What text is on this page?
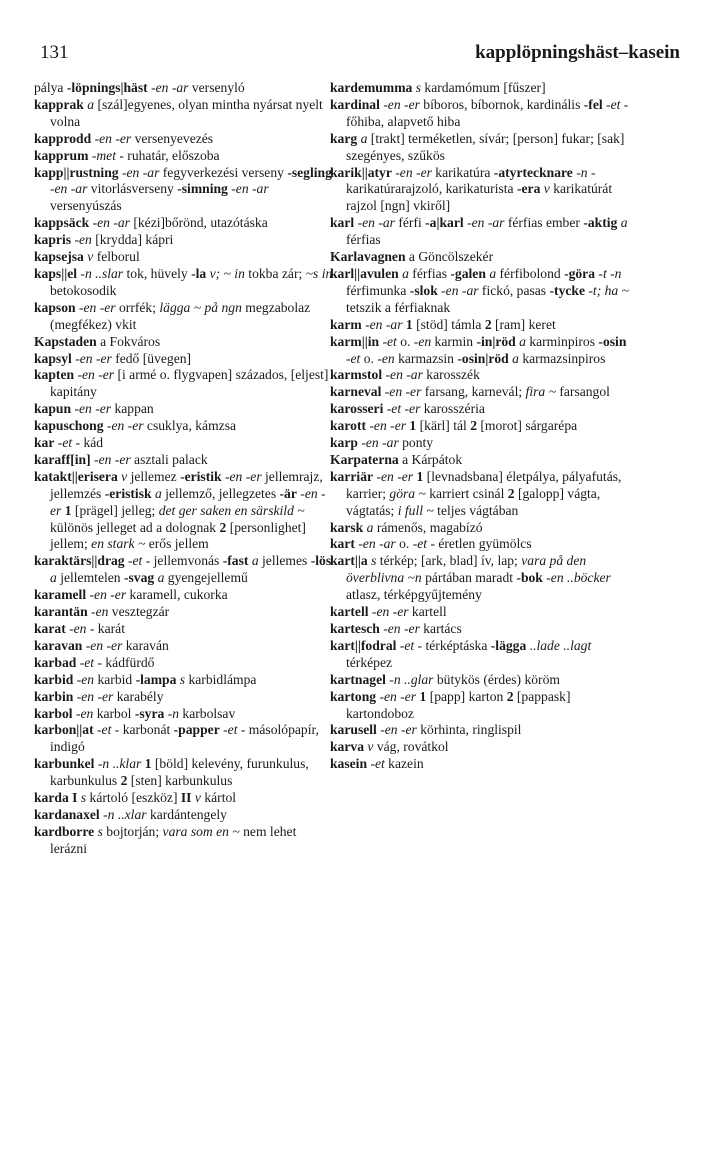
131	kapplöpningshäst–kasein

pálya -löpnings|häst -en -ar versenyló

kapprak a [szál]egyenes, olyan mintha nyársat nyelt volna

kapprodd -en -er versenyevezés

kapprum -met - ruhatár, előszoba

kapp||rustning -en -ar fegyverkezési verseny -segling -en -ar vitorlásverseny -simning -en -ar versenyúszás

kappsäck -en -ar [kézi]bőrönd, utazótáska

kapris -en [krydda] kápri

kapsejsa v felborul

kaps||el -n ..slar tok, hüvely -la v; ~ in tokba zár; ~s in betokosodik

kapson -en -er orrfék; lägga ~ på ngn megzabolaz (megfékez) vkit

Kapstaden a Fokváros

kapsyl -en -er fedő [üvegen]

kapten -en -er [i armé o. flygvapen] százados, [eljest] kapitány

kapun -en -er kappan

kapuschong -en -er csuklya, kámzsa

kar -et - kád

karaff[in] -en -er asztali palack

katakt||erisera v jellemez -eristik -en -er jellemrajz, jellemzés -eristisk a jellemző, jellegzetes -är -en -er 1 [prägel] jelleg; det ger saken en särskild ~ különös jelleget ad a dolognak 2 [personlighet] jellem; en stark ~ erős jellem

karaktärs||drag -et - jellemvonás -fast a jellemes -lös a jellemtelen -svag a gyengejellemű

karamell -en -er karamell, cukorka

karantän -en vesztegzár

karat -en - karát

karavan -en -er karaván

karbad -et - kádfürdő

karbid -en karbid -lampa s karbidlámpa

karbin -en -er karabély

karbol -en karbol -syra -n karbolsav

karbon||at -et - karbonát -papper -et - másolópapír, indigó

karbunkel -n ..klar 1 [böld] kelevény, furunkulus, karbunkulus 2 [sten] karbunkulus

karda I s kártoló [eszköz] II v kártol

kardanaxel -n ..xlar kardántengely

kardborre s bojtorján; vara som en ~ nem lehet lerázni

kardemumma s kardamómum [fűszer]

kardinal -en -er bíboros, bíbornok, kardinális -fel -et - főhiba, alapvető hiba

karg a [trakt] terméketlen, sívár; [person] fukar; [sak] szegényes, szűkös

karik||atyr -en -er karikatúra -atyrtecknare -n - karikatúrarajzoló, karikaturista -era v karikatúrát rajzol [ngn] vkiről]

karl -en -ar férfi -a|karl -en -ar férfias ember -aktig a férfias

Karlavagnen a Göncölszekér

karl||avulen a férfias -galen a férfibolond -göra -t -n férfimunka -slok -en -ar fickó, pasas -tycke -t; ha ~ tetszik a férfiaknak

karm -en -ar 1 [stöd] támla 2 [ram] keret

karm||in -et o. -en karmin -in|röd a karminpiros -osin -et o. -en karmazsin -osin|röd a karmazsinpiros

karmstol -en -ar karosszék

karneval -en -er farsang, karnevál; fira ~ farsangol

karosseri -et -er karosszéria

karott -en -er 1 [kärl] tál 2 [morot] sárgarépa

karp -en -ar ponty

Karpaterna a Kárpátok

karriär -en -er 1 [levnadsbana] életpálya, pályafutás, karrier; göra ~ karriert csinál 2 [galopp] vágta, vágtatás; i full ~ teljes vágtában

karsk a rámenős, magabízó

kart -en -ar o. -et - éretlen gyümölcs

kart||a s térkép; [ark, blad] ív, lap; vara på den överblivna ~n pártában maradt -bok -en ..böcker atlasz, térképgyűjtemény

kartell -en -er kartell

kartesch -en -er kartács

kart||fodral -et - térképtáska -lägga ..lade ..lagt térképez

kartnagel -n ..glar bütykös (érdes) köröm

kartong -en -er 1 [papp] karton 2 [pappask] kartondoboz

karusell -en -er körhinta, ringlispil

karva v vág, rovátkol

kasein -et kazein
